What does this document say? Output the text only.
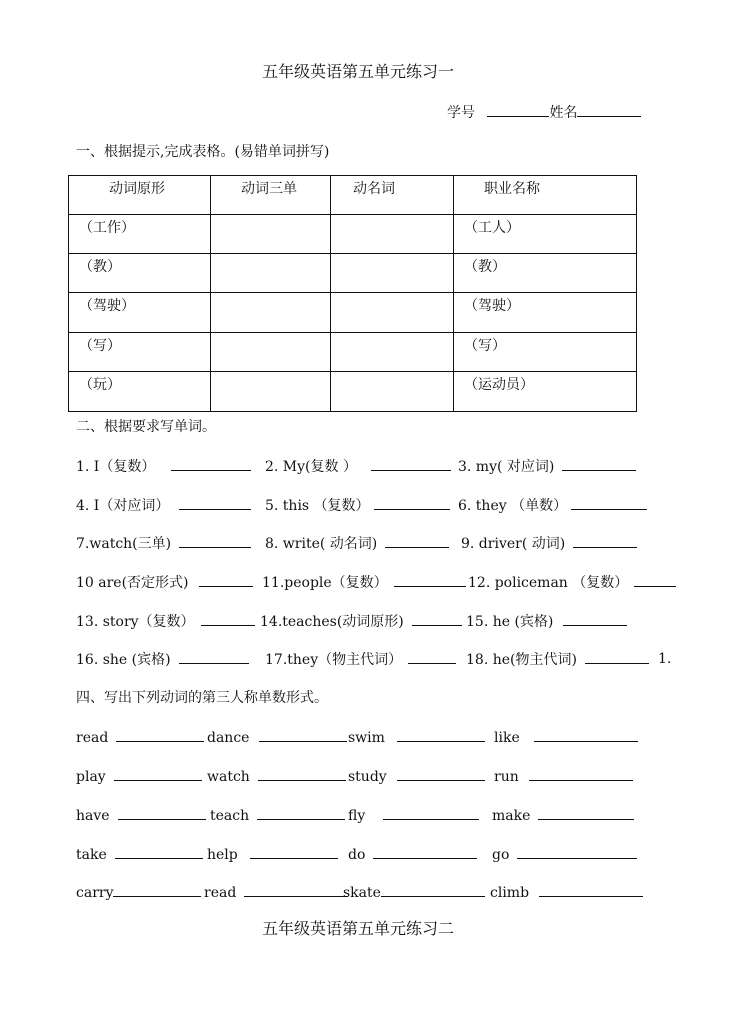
五年级英语第五单元练习一
学号	姓名
一、根据提示,完成表格。(易错单词拼写)
动词原形	动词三单	动名词	职业名称
（工作）			（工人）
（教）			（教）
（驾驶）			（驾驶）
（写）			（写）
（玩）			（运动员）
二、根据要求写单词。
1. I（复数）	2. My(复数 ）	3. my( 对应词)
4. I（对应词）	5. this （复数）	6. they （单数）
7.watch(三单)	8. write( 动名词)	9. driver( 动词)
10 are(否定形式)	11.people（复数）	12. policeman （复数）
13. story（复数）	14.teaches(动词原形)	15. he (宾格)
16. she (宾格)	17.they（物主代词）	18. he(物主代词)	1.
四、写出下列动词的第三人称单数形式。
read	dance	swim	like
play	watch	study	run
have	teach	fly	make
take	help	do	go
carry	read	skate	climb
五年级英语第五单元练习二
